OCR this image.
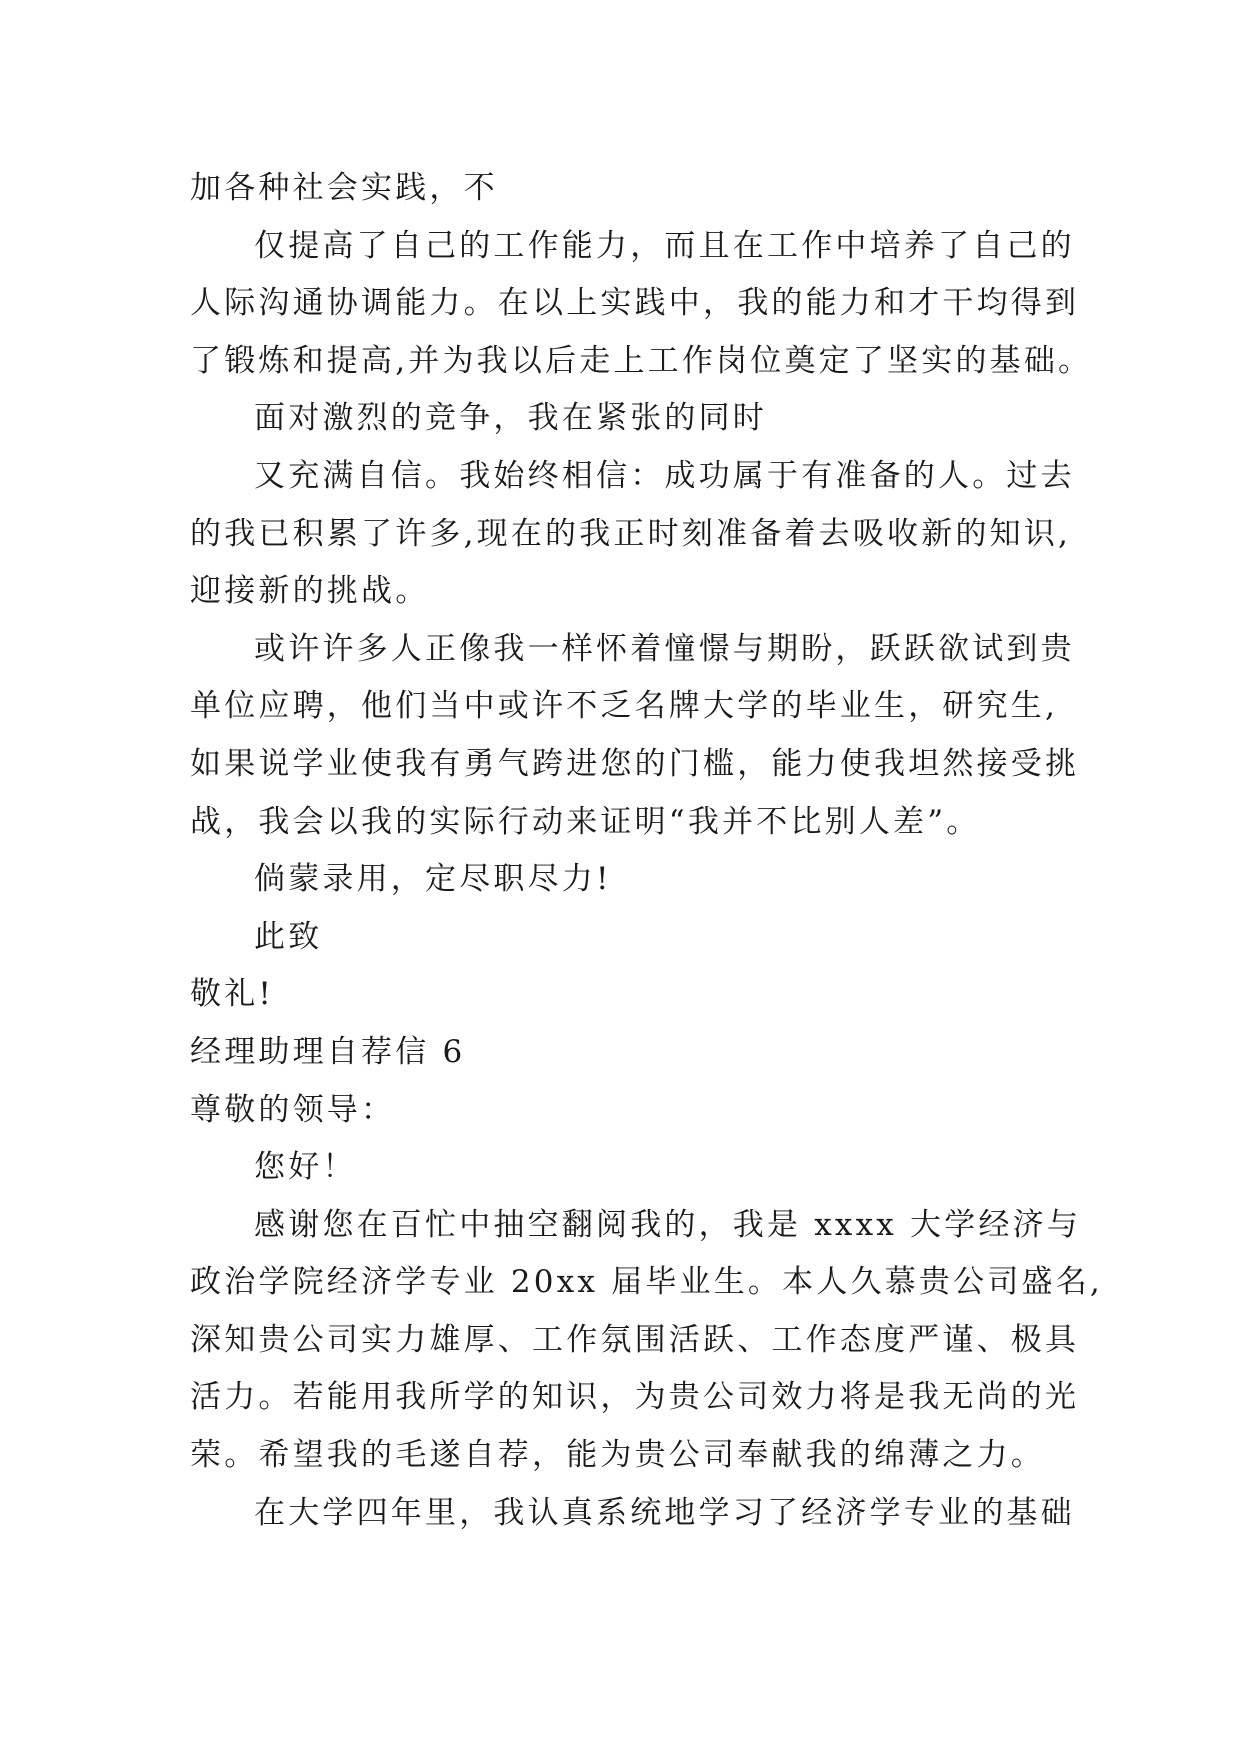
加各种社会实践，不
仅提高了自己的工作能力，而且在工作中培养了自己的
人际沟通协调能力。在以上实践中，我的能力和才干均得到
了锻炼和提高,并为我以后走上工作岗位奠定了坚实的基础。
面对激烈的竞争，我在紧张的同时
又充满自信。我始终相信：成功属于有准备的人。过去
的我已积累了许多,现在的我正时刻准备着去吸收新的知识,
迎接新的挑战。
或许许多人正像我一样怀着憧憬与期盼，跃跃欲试到贵
单位应聘，他们当中或许不乏名牌大学的毕业生，研究生,
如果说学业使我有勇气跨进您的门槛，能力使我坦然接受挑
战，我会以我的实际行动来证明“我并不比别人差”。
倘蒙录用，定尽职尽力!
此致
敬礼!
经理助理自荐信 6
尊敬的领导：
您好！
感谢您在百忙中抽空翻阅我的，我是 xxxx 大学经济与
政治学院经济学专业 20xx 届毕业生。本人久慕贵公司盛名,
深知贵公司实力雄厚、工作氛围活跃、工作态度严谨、极具
活力。若能用我所学的知识，为贵公司效力将是我无尚的光
荣。希望我的毛遂自荐，能为贵公司奉献我的绵薄之力。
在大学四年里，我认真系统地学习了经济学专业的基础
